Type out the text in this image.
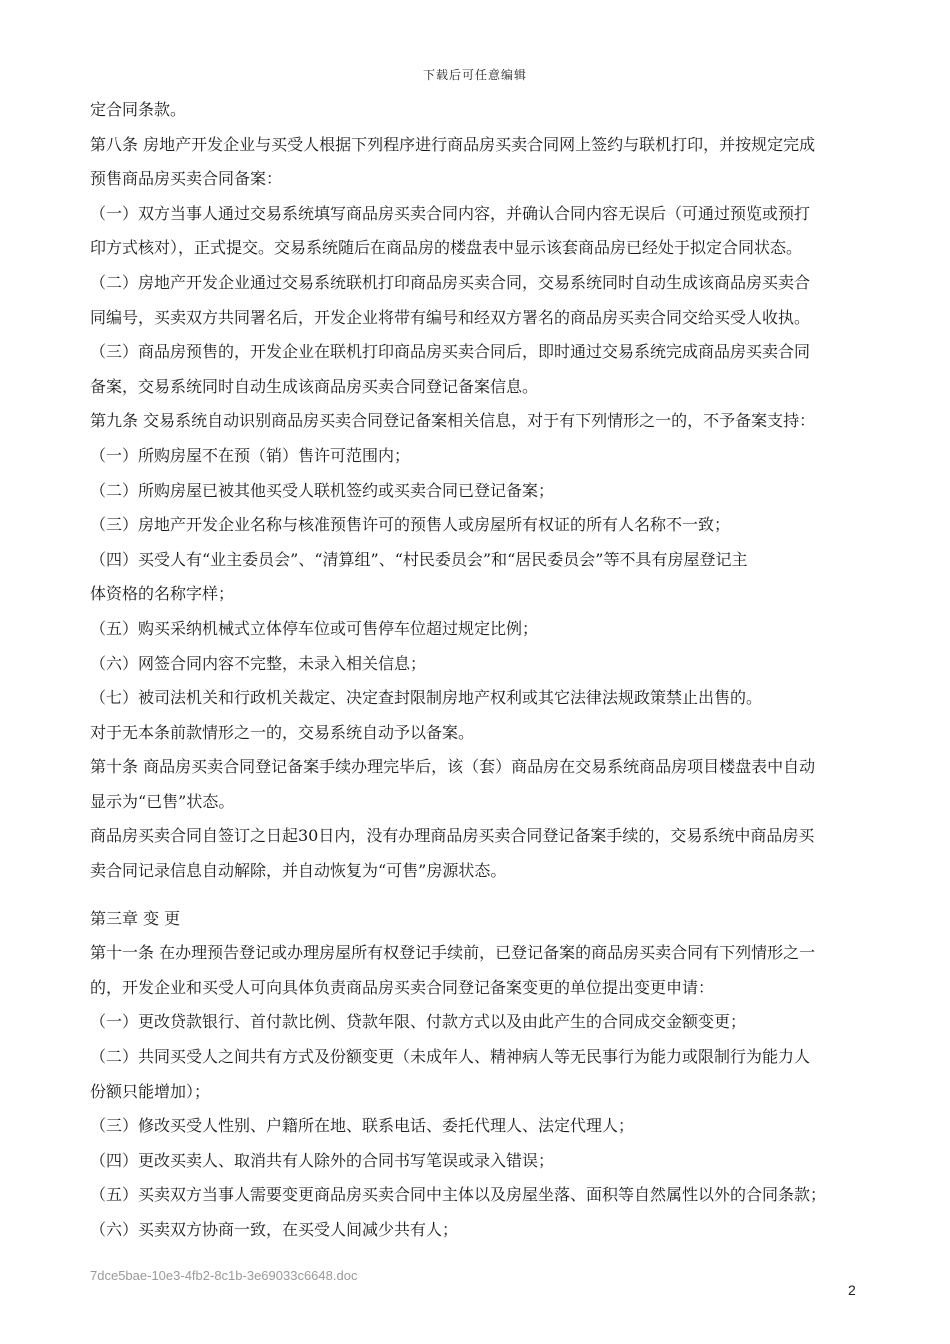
下载后可任意编辑
定合同条款。
第八条 房地产开发企业与买受人根据下列程序进行商品房买卖合同网上签约与联机打印，并按规定完成
预售商品房买卖合同备案：
（一）双方当事人通过交易系统填写商品房买卖合同内容，并确认合同内容无误后（可通过预览或预打
印方式核对），正式提交。交易系统随后在商品房的楼盘表中显示该套商品房已经处于拟定合同状态。
（二）房地产开发企业通过交易系统联机打印商品房买卖合同，交易系统同时自动生成该商品房买卖合
同编号，买卖双方共同署名后，开发企业将带有编号和经双方署名的商品房买卖合同交给买受人收执。
（三）商品房预售的，开发企业在联机打印商品房买卖合同后，即时通过交易系统完成商品房买卖合同
备案，交易系统同时自动生成该商品房买卖合同登记备案信息。
第九条 交易系统自动识别商品房买卖合同登记备案相关信息，对于有下列情形之一的，不予备案支持：
（一）所购房屋不在预（销）售许可范围内；
（二）所购房屋已被其他买受人联机签约或买卖合同已登记备案；
（三）房地产开发企业名称与核准预售许可的预售人或房屋所有权证的所有人名称不一致；
（四）买受人有“业主委员会”、“清算组”、“村民委员会”和“居民委员会”等不具有房屋登记主
体资格的名称字样；
（五）购买采纳机械式立体停车位或可售停车位超过规定比例；
（六）网签合同内容不完整，未录入相关信息；
（七）被司法机关和行政机关裁定、决定查封限制房地产权利或其它法律法规政策禁止出售的。
对于无本条前款情形之一的，交易系统自动予以备案。
第十条 商品房买卖合同登记备案手续办理完毕后，该（套）商品房在交易系统商品房项目楼盘表中自动
显示为“已售”状态。
商品房买卖合同自签订之日起30日内，没有办理商品房买卖合同登记备案手续的，交易系统中商品房买
卖合同记录信息自动解除，并自动恢复为“可售”房源状态。
第三章 变 更
第十一条 在办理预告登记或办理房屋所有权登记手续前，已登记备案的商品房买卖合同有下列情形之一
的，开发企业和买受人可向具体负责商品房买卖合同登记备案变更的单位提出变更申请：
（一）更改贷款银行、首付款比例、贷款年限、付款方式以及由此产生的合同成交金额变更；
（二）共同买受人之间共有方式及份额变更（未成年人、精神病人等无民事行为能力或限制行为能力人
份额只能增加）；
（三）修改买受人性别、户籍所在地、联系电话、委托代理人、法定代理人；
（四）更改买卖人、取消共有人除外的合同书写笔误或录入错误；
（五）买卖双方当事人需要变更商品房买卖合同中主体以及房屋坐落、面积等自然属性以外的合同条款；
（六）买卖双方协商一致，在买受人间减少共有人；
7dce5bae-10e3-4fb2-8c1b-3e69033c6648.doc
2
